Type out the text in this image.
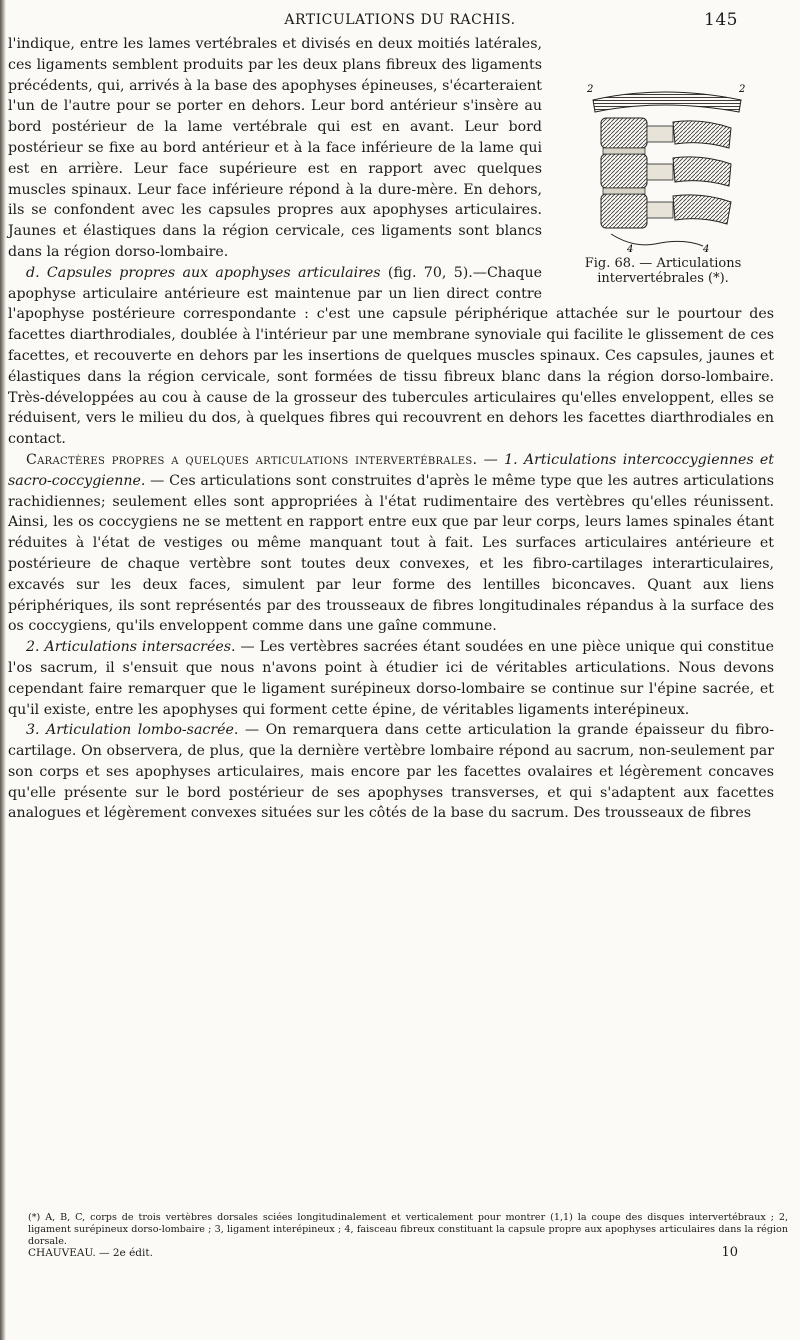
ARTICULATIONS DU RACHIS.	145
2	2
4	4
Fig. 68. — Articulations intervertébrales (*).

l'indique, entre les lames vertébrales et divisés en deux moitiés latérales, ces ligaments semblent produits par les deux plans fibreux des ligaments précédents, qui, arrivés à la base des apophyses épineuses, s'écarteraient l'un de l'autre pour se porter en dehors. Leur bord antérieur s'insère au bord postérieur de la lame vertébrale qui est en avant. Leur bord postérieur se fixe au bord antérieur et à la face inférieure de la lame qui est en arrière. Leur face supérieure est en rapport avec quelques muscles spinaux. Leur face inférieure répond à la dure-mère. En dehors, ils se confondent avec les capsules propres aux apophyses articulaires. Jaunes et élastiques dans la région cervicale, ces ligaments sont blancs dans la région dorso-lombaire.

d. Capsules propres aux apophyses articulaires (fig. 70, 5).—Chaque apophyse articulaire antérieure est maintenue par un lien direct contre l'apophyse postérieure correspondante : c'est une capsule périphérique attachée sur le pourtour des facettes diarthrodiales, doublée à l'intérieur par une membrane synoviale qui facilite le glissement de ces facettes, et recouverte en dehors par les insertions de quelques muscles spinaux. Ces capsules, jaunes et élastiques dans la région cervicale, sont formées de tissu fibreux blanc dans la région dorso-lombaire. Très-développées au cou à cause de la grosseur des tubercules articulaires qu'elles enveloppent, elles se réduisent, vers le milieu du dos, à quelques fibres qui recouvrent en dehors les facettes diarthrodiales en contact.

Caractères propres a quelques articulations intervertébrales. — 1. Articulations intercoccygiennes et sacro-coccygienne. — Ces articulations sont construites d'après le même type que les autres articulations rachidiennes; seulement elles sont appropriées à l'état rudimentaire des vertèbres qu'elles réunissent. Ainsi, les os coccygiens ne se mettent en rapport entre eux que par leur corps, leurs lames spinales étant réduites à l'état de vestiges ou même manquant tout à fait. Les surfaces articulaires antérieure et postérieure de chaque vertèbre sont toutes deux convexes, et les fibro-cartilages interarticulaires, excavés sur les deux faces, simulent par leur forme des lentilles biconcaves. Quant aux liens périphériques, ils sont représentés par des trousseaux de fibres longitudinales répandus à la surface des os coccygiens, qu'ils enveloppent comme dans une gaîne commune.

2. Articulations intersacrées. — Les vertèbres sacrées étant soudées en une pièce unique qui constitue l'os sacrum, il s'ensuit que nous n'avons point à étudier ici de véritables articulations. Nous devons cependant faire remarquer que le ligament surépineux dorso-lombaire se continue sur l'épine sacrée, et qu'il existe, entre les apophyses qui forment cette épine, de véritables ligaments interépineux.

3. Articulation lombo-sacrée. — On remarquera dans cette articulation la grande épaisseur du fibro-cartilage. On observera, de plus, que la dernière vertèbre lombaire répond au sacrum, non-seulement par son corps et ses apophyses articulaires, mais encore par les facettes ovalaires et légèrement concaves qu'elle présente sur le bord postérieur de ses apophyses transverses, et qui s'adaptent aux facettes analogues et légèrement convexes situées sur les côtés de la base du sacrum. Des trousseaux de fibres

(*) A, B, C, corps de trois vertèbres dorsales sciées longitudinalement et verticalement pour montrer (1,1) la coupe des disques intervertébraux ; 2, ligament surépineux dorso-lombaire ; 3, ligament interépineux ; 4, faisceau fibreux constituant la capsule propre aux apophyses articulaires dans la région dorsale.
CHAUVEAU. — 2e édit.	10
